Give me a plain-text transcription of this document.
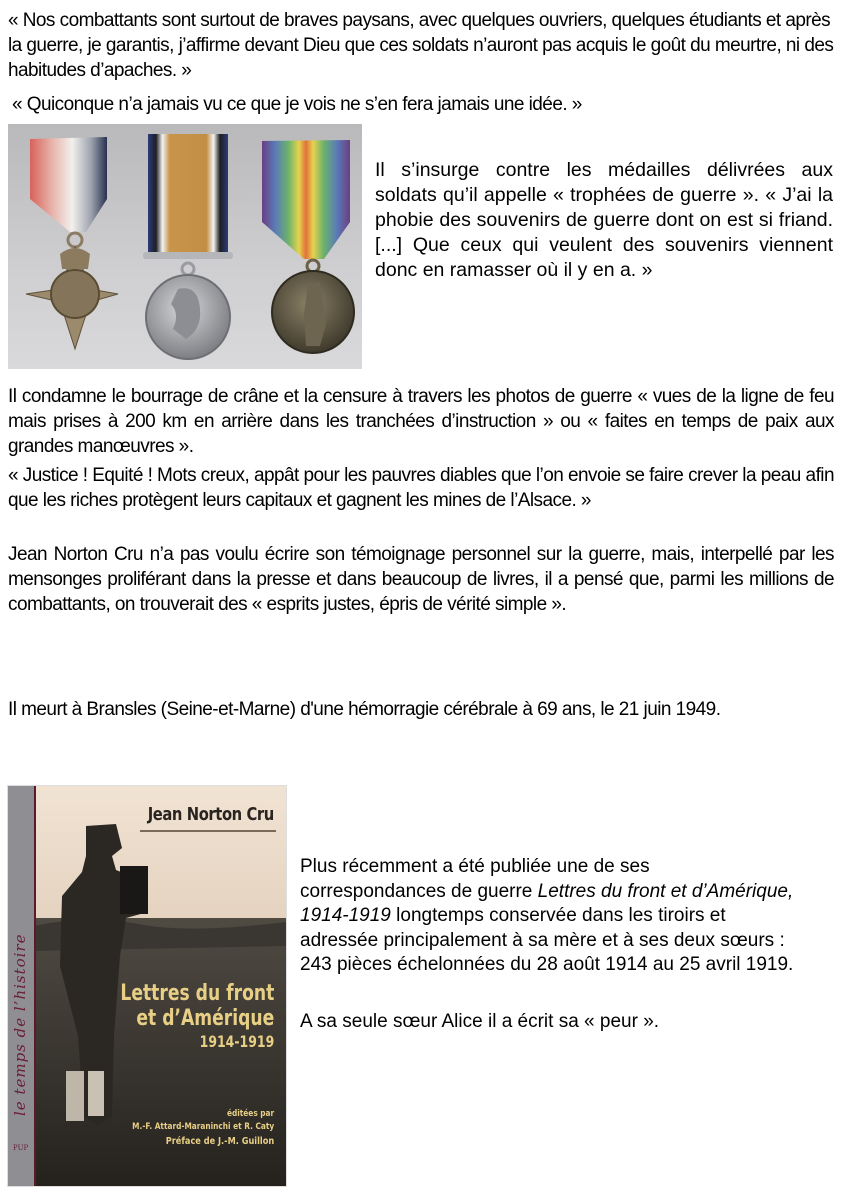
« Nos combattants sont surtout de braves paysans, avec quelques ouvriers, quelques étudiants et après la guerre, je garantis, j’affirme devant Dieu que ces soldats n’auront pas acquis le goût du meurtre, ni des habitudes d’apaches. »

« Quiconque n’a jamais vu ce que je vois ne s’en fera jamais une idée. »

Il s’insurge contre les médailles délivrées aux soldats qu’il appelle « trophées de guerre ». « J’ai la phobie des souvenirs de guerre dont on est si friand. [...] Que ceux qui veulent des souvenirs viennent donc en ramasser où il y en a. »

Il condamne le bourrage de crâne et la censure à travers les photos de guerre « vues de la ligne de feu mais prises à 200 km en arrière dans les tranchées d’instruction » ou « faites en temps de paix aux grandes manœuvres ».

« Justice ! Equité ! Mots creux, appât pour les pauvres diables que l’on envoie se faire crever la peau afin que les riches protègent leurs capitaux et gagnent les mines de l’Alsace. »

Jean Norton Cru n’a pas voulu écrire son témoignage personnel sur la guerre, mais, interpellé par les mensonges proliférant dans la presse et dans beaucoup de livres, il a pensé que, parmi les millions de combattants, on trouverait des « esprits justes, épris de vérité simple ».

Il meurt à Bransles (Seine-et-Marne) d'une hémorragie cérébrale à 69 ans, le 21 juin 1949.

Jean Norton Cru
Lettres du front
et d’Amérique
1914-1919
éditées par
M.-F. Attard-Maraninchi et R. Caty
Préface de J.-M. Guillon
le temps de l’histoire
PUP

Plus récemment a été publiée une de ses correspondances de guerre Lettres du front et d’Amérique, 1914-1919 longtemps conservée dans les tiroirs et adressée principalement à sa mère et à ses deux sœurs : 243 pièces échelonnées du 28 août 1914 au 25 avril 1919.

A sa seule sœur Alice il a écrit sa « peur ».
